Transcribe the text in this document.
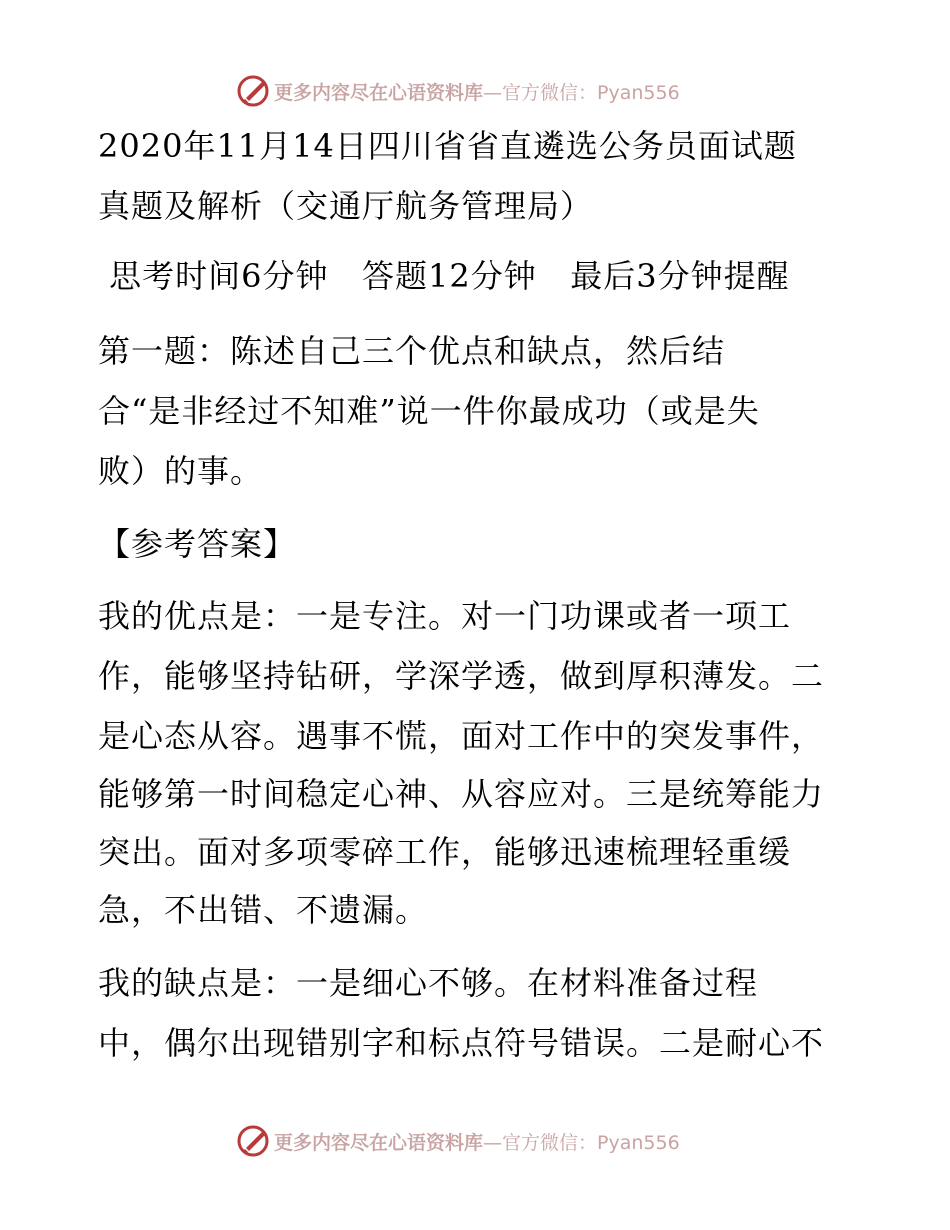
更多内容尽在心语资料库 —官方微信：Pyan556
2020年11月14日四川省省直遴选公务员面试题
真题及解析（交通厅航务管理局）
思考时间6分钟   答题12分钟   最后3分钟提醒
第一题：陈述自己三个优点和缺点，然后结
合“是非经过不知难”说一件你最成功（或是失
败）的事。
【参考答案】
我的优点是：一是专注。对一门功课或者一项工
作，能够坚持钻研，学深学透，做到厚积薄发。二
是心态从容。遇事不慌，面对工作中的突发事件，
能够第一时间稳定心神、从容应对。三是统筹能力
突出。面对多项零碎工作，能够迅速梳理轻重缓
急，不出错、不遗漏。
我的缺点是：一是细心不够。在材料准备过程
中，偶尔出现错别字和标点符号错误。二是耐心不
更多内容尽在心语资料库 —官方微信：Pyan556
